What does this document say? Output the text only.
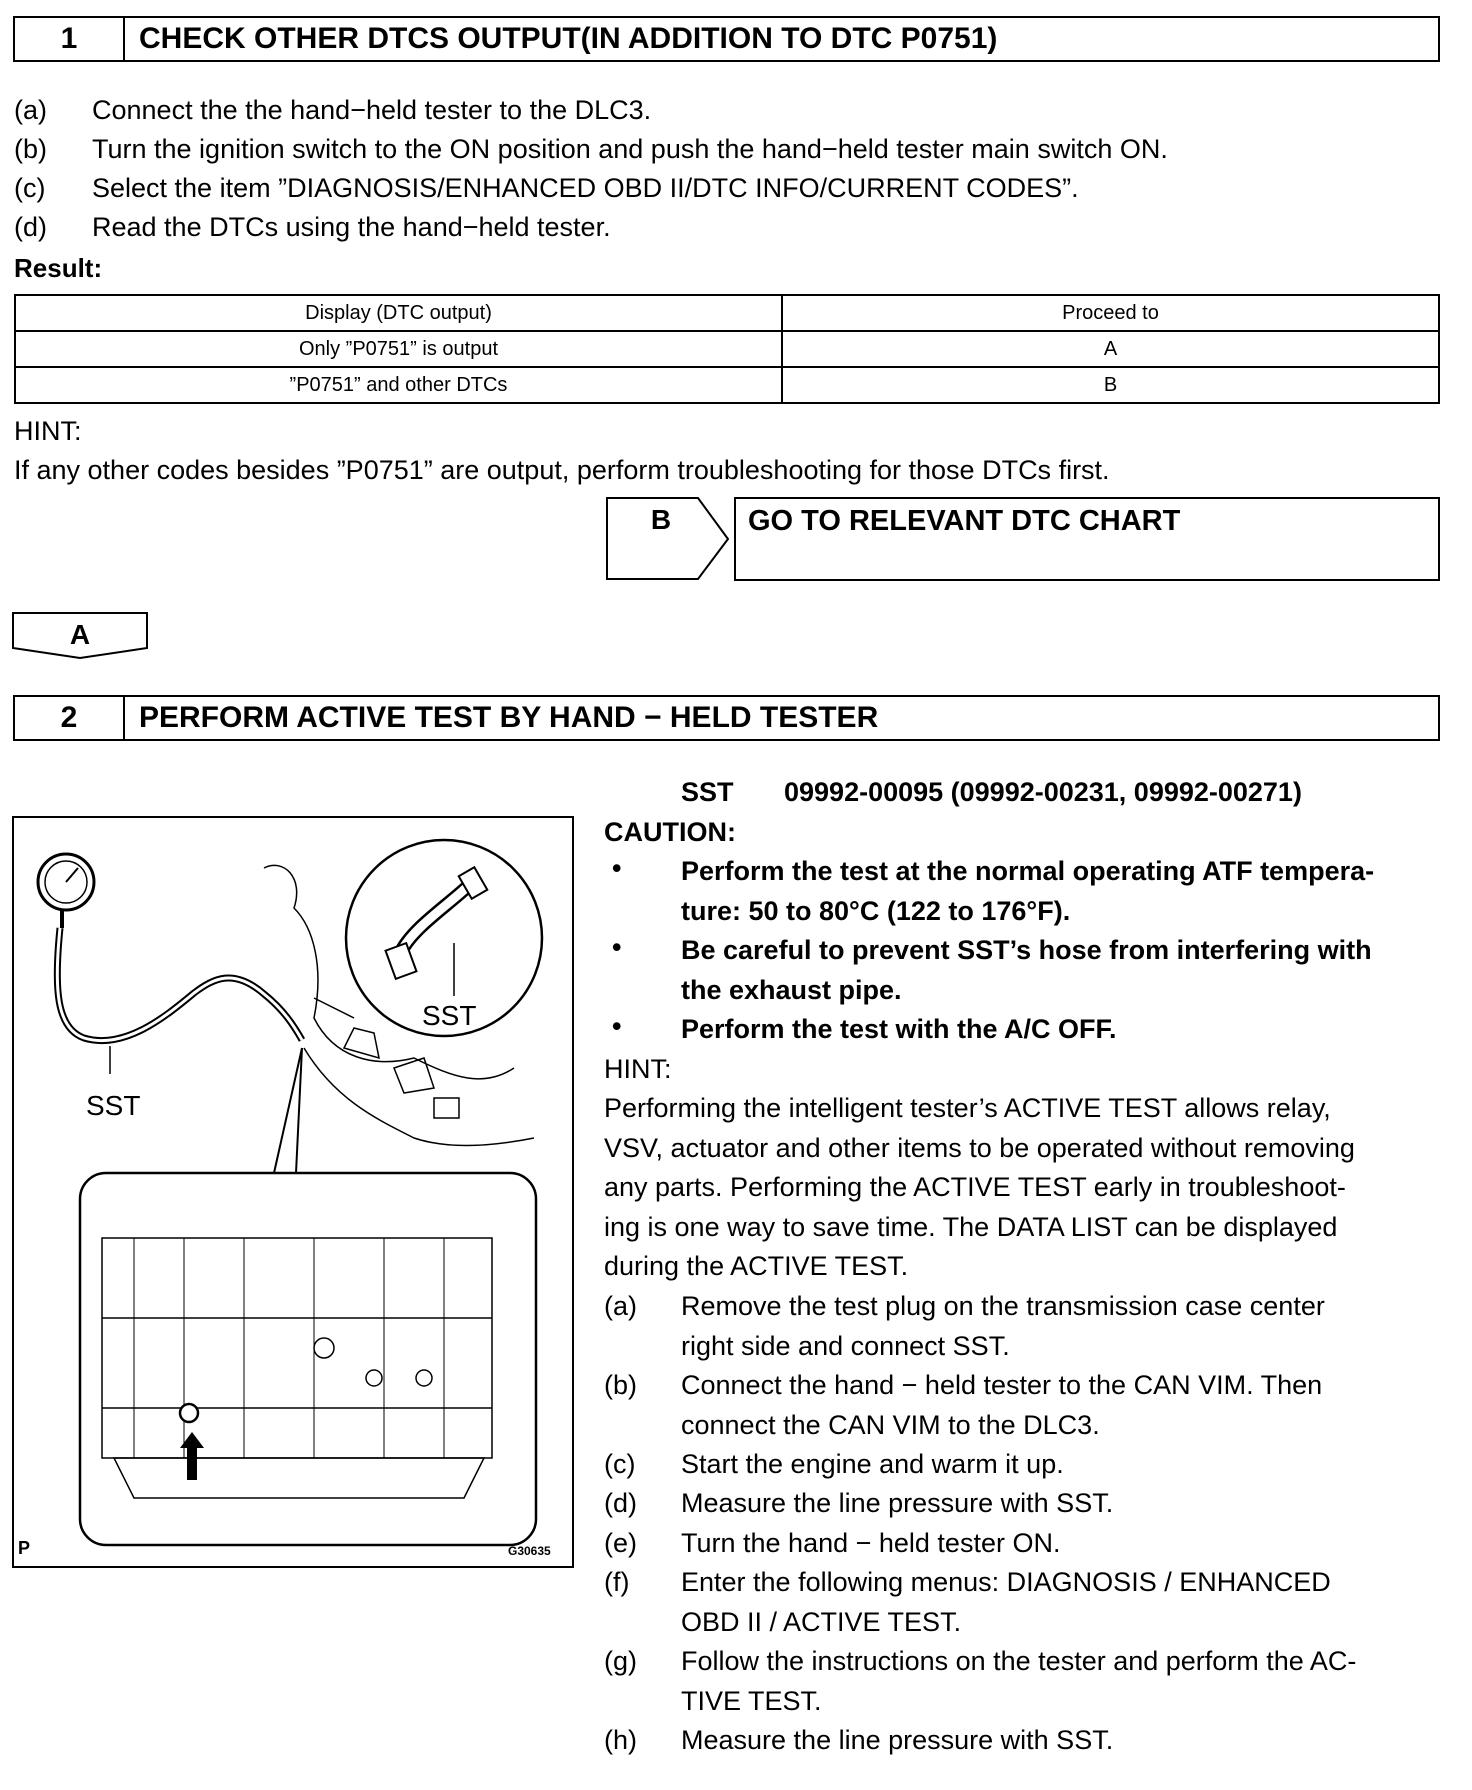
1	CHECK OTHER DTCS OUTPUT(IN ADDITION TO DTC P0751)
(a)	Connect the the hand−held tester to the DLC3.
(b)	Turn the ignition switch to the ON position and push the hand−held tester main switch ON.
(c)	Select the item ”DIAGNOSIS/ENHANCED OBD II/DTC INFO/CURRENT CODES”.
(d)	Read the DTCs using the hand−held tester.
Result:
Display (DTC output)	Proceed to
Only ”P0751” is output	A
”P0751” and other DTCs	B
HINT:
If any other codes besides ”P0751” are output, perform troubleshooting for those DTCs first.
B	GO TO RELEVANT DTC CHART
A
2	PERFORM ACTIVE TEST BY HAND − HELD TESTER
SST
SST
P	G30635
SST 09992-00095 (09992-00231, 09992-00271)
CAUTION:
• Perform the test at the normal operating ATF tempera-
ture: 50 to 80°C (122 to 176°F).
• Be careful to prevent SST’s hose from interfering with
the exhaust pipe.
• Perform the test with the A/C OFF.
HINT:
Performing the intelligent tester’s ACTIVE TEST allows relay,
VSV, actuator and other items to be operated without removing
any parts. Performing the ACTIVE TEST early in troubleshoot-
ing is one way to save time. The DATA LIST can be displayed
during the ACTIVE TEST.
(a) Remove the test plug on the transmission case center
right side and connect SST.
(b) Connect the hand − held tester to the CAN VIM. Then
connect the CAN VIM to the DLC3.
(c) Start the engine and warm it up.
(d) Measure the line pressure with SST.
(e) Turn the hand − held tester ON.
(f) Enter the following menus: DIAGNOSIS / ENHANCED
OBD II / ACTIVE TEST.
(g) Follow the instructions on the tester and perform the AC-
TIVE TEST.
(h) Measure the line pressure with SST.
